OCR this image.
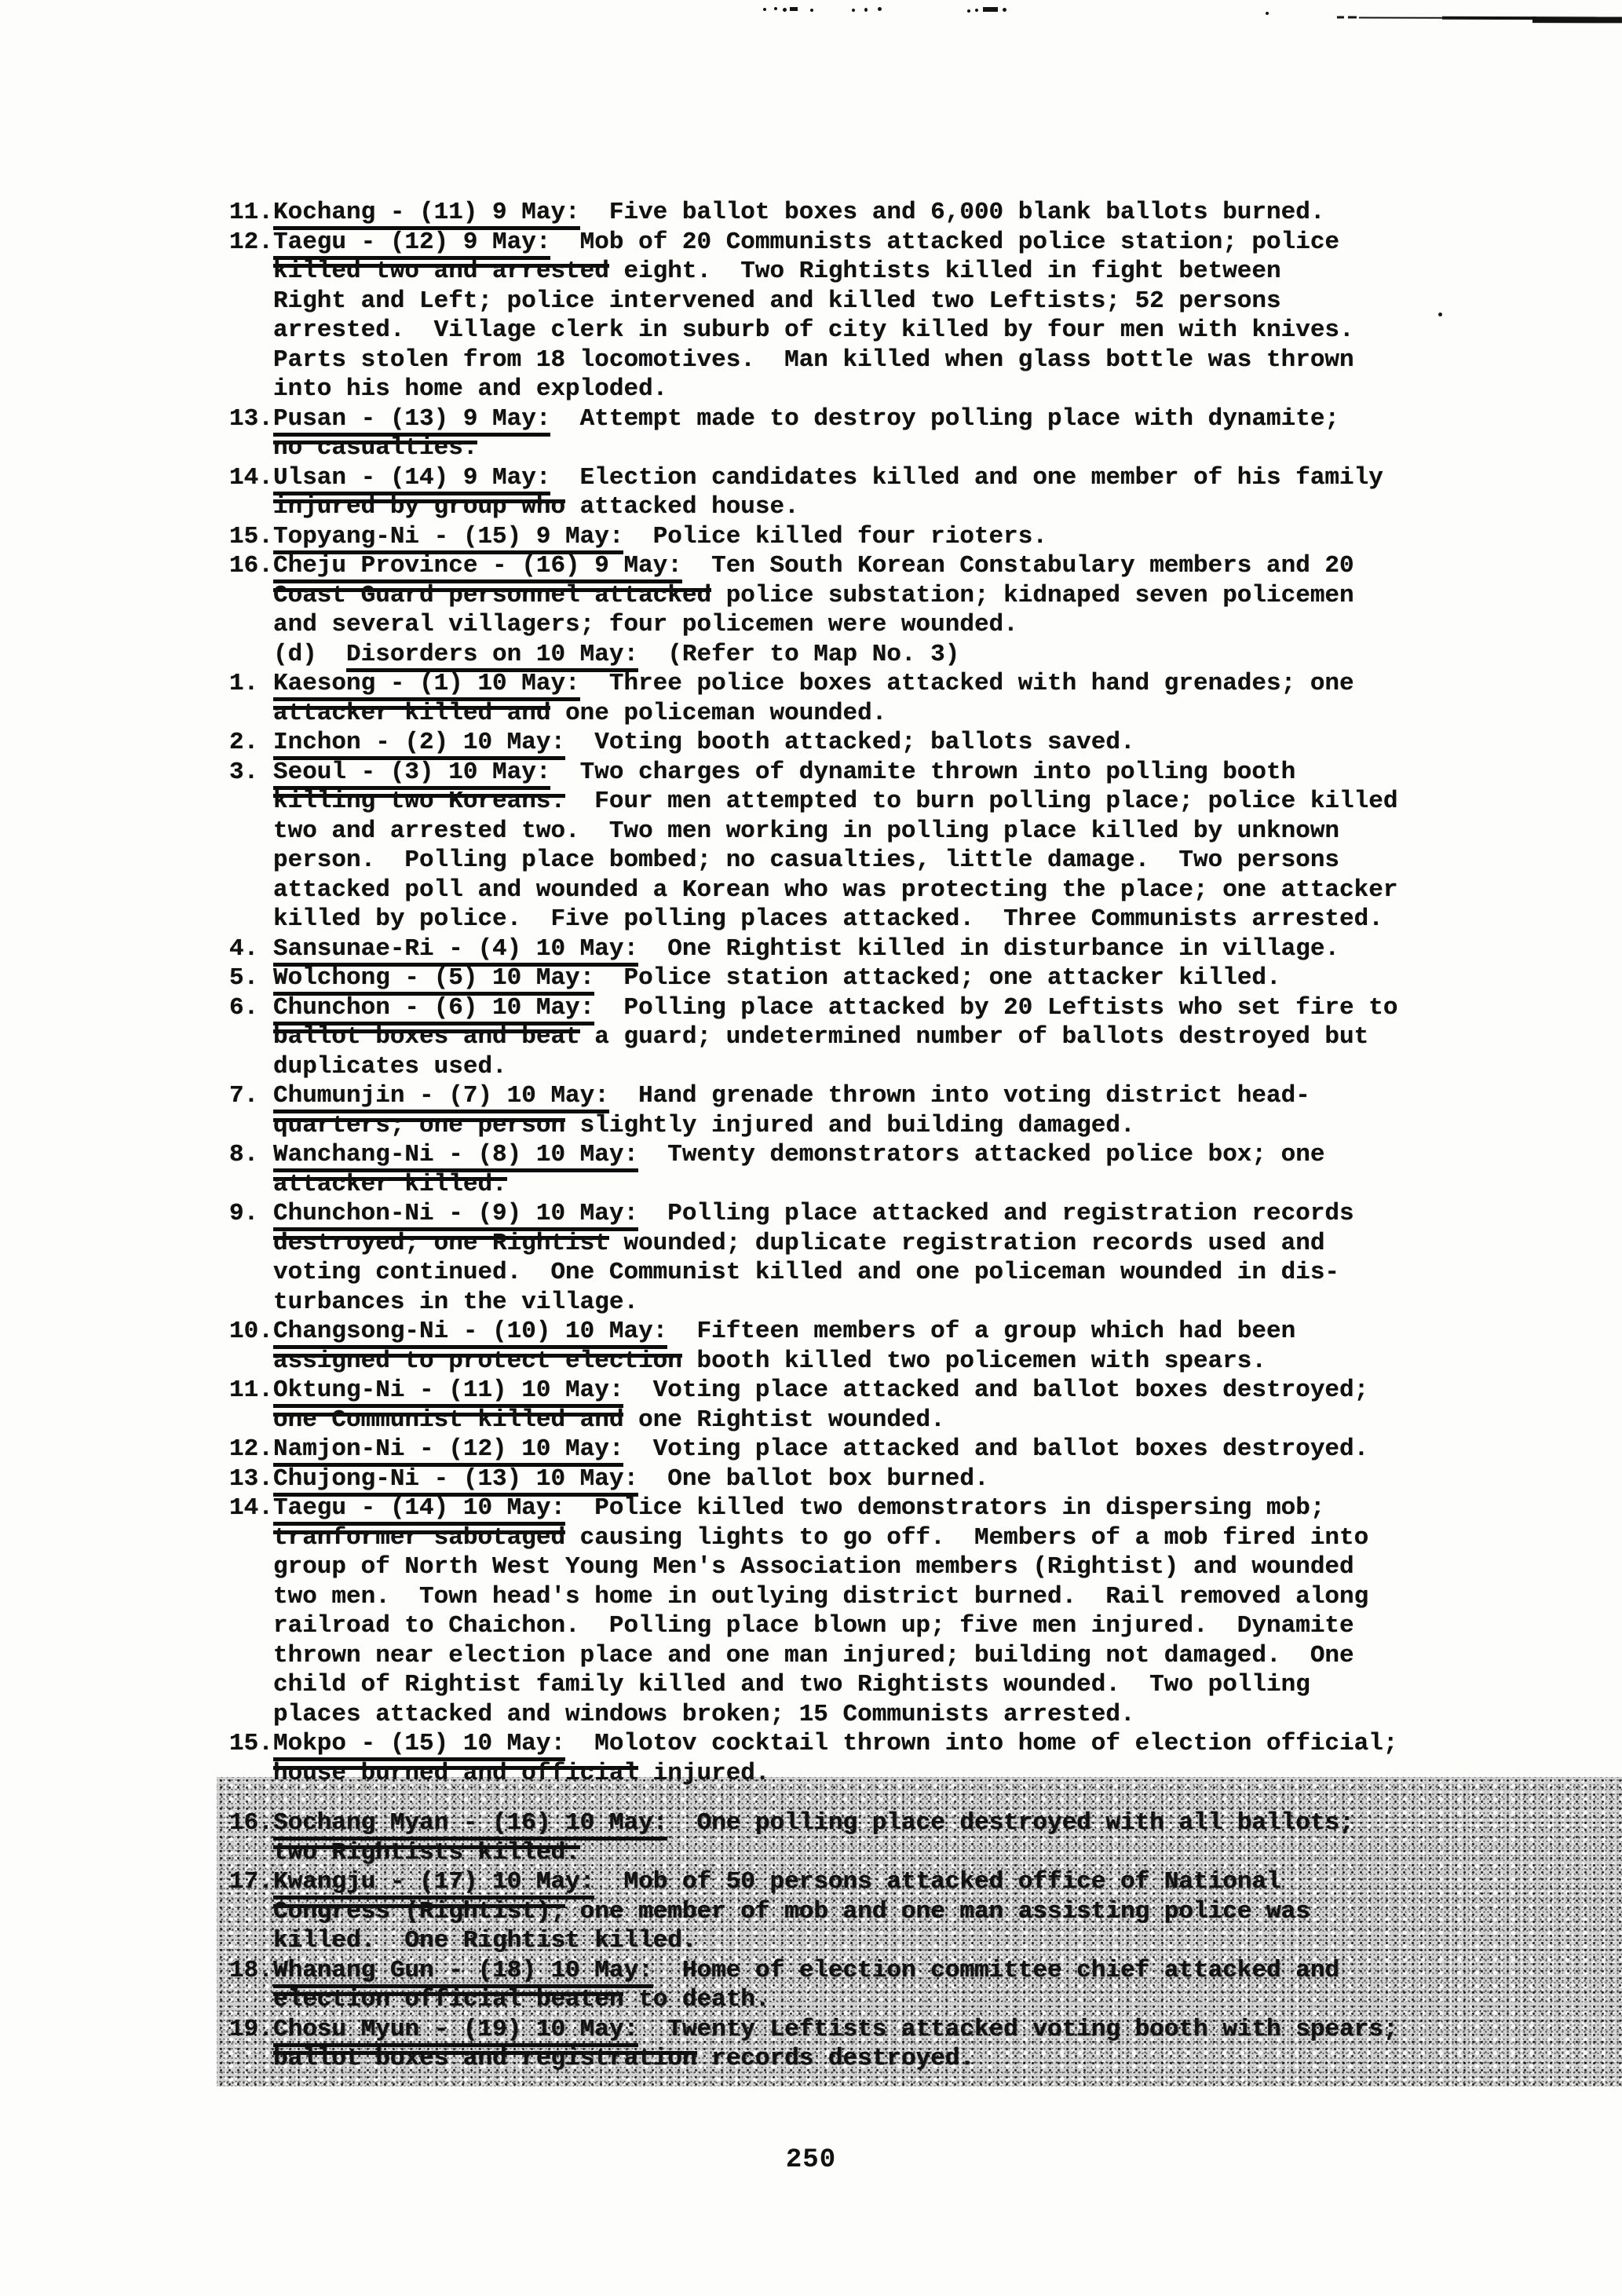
11. Kochang - (11) 9 May:  Five ballot boxes and 6,000 blank ballots burned.
12. Taegu - (12) 9 May:  Mob of 20 Communists attacked police station; police
killed two and arrested eight.  Two Rightists killed in fight between
Right and Left; police intervened and killed two Leftists; 52 persons
arrested.  Village clerk in suburb of city killed by four men with knives.
Parts stolen from 18 locomotives.  Man killed when glass bottle was thrown
into his home and exploded.
13. Pusan - (13) 9 May:  Attempt made to destroy polling place with dynamite;
no casualties.
14. Ulsan - (14) 9 May:  Election candidates killed and one member of his family
injured by group who attacked house.
15. Topyang-Ni - (15) 9 May:  Police killed four rioters.
16. Cheju Province - (16) 9 May:  Ten South Korean Constabulary members and 20
Coast Guard personnel attacked police substation; kidnaped seven policemen
and several villagers; four policemen were wounded.
(d)  Disorders on 10 May:  (Refer to Map No. 3)
1. Kaesong - (1) 10 May:  Three police boxes attacked with hand grenades; one
attacker killed and one policeman wounded.
2. Inchon - (2) 10 May:  Voting booth attacked; ballots saved.
3. Seoul - (3) 10 May:  Two charges of dynamite thrown into polling booth
killing two Koreans.  Four men attempted to burn polling place; police killed
two and arrested two.  Two men working in polling place killed by unknown
person.  Polling place bombed; no casualties, little damage.  Two persons
attacked poll and wounded a Korean who was protecting the place; one attacker
killed by police.  Five polling places attacked.  Three Communists arrested.
4. Sansunae-Ri - (4) 10 May:  One Rightist killed in disturbance in village.
5. Wolchong - (5) 10 May:  Police station attacked; one attacker killed.
6. Chunchon - (6) 10 May:  Polling place attacked by 20 Leftists who set fire to
ballot boxes and beat a guard; undetermined number of ballots destroyed but
duplicates used.
7. Chumunjin - (7) 10 May:  Hand grenade thrown into voting district head-
quarters; one person slightly injured and building damaged.
8. Wanchang-Ni - (8) 10 May:  Twenty demonstrators attacked police box; one
attacker killed.
9. Chunchon-Ni - (9) 10 May:  Polling place attacked and registration records
destroyed; one Rightist wounded; duplicate registration records used and
voting continued.  One Communist killed and one policeman wounded in dis-
turbances in the village.
10. Changsong-Ni - (10) 10 May:  Fifteen members of a group which had been
assigned to protect election booth killed two policemen with spears.
11. Oktung-Ni - (11) 10 May:  Voting place attacked and ballot boxes destroyed;
one Communist killed and one Rightist wounded.
12. Namjon-Ni - (12) 10 May:  Voting place attacked and ballot boxes destroyed.
13. Chujong-Ni - (13) 10 May:  One ballot box burned.
14. Taegu - (14) 10 May:  Police killed two demonstrators in dispersing mob;
tranformer sabotaged causing lights to go off.  Members of a mob fired into
group of North West Young Men's Association members (Rightist) and wounded
two men.  Town head's home in outlying district burned.  Rail removed along
railroad to Chaichon.  Polling place blown up; five men injured.  Dynamite
thrown near election place and one man injured; building not damaged.  One
child of Rightist family killed and two Rightists wounded.  Two polling
places attacked and windows broken; 15 Communists arrested.
15. Mokpo - (15) 10 May:  Molotov cocktail thrown into home of election official;
house burned and official injured.
16. Sochang Myan - (16) 10 May:  One polling place destroyed with all ballots;
two Rightists killed.
17. Kwangju - (17) 10 May:  Mob of 50 persons attacked office of National
Congress (Rightist); one member of mob and one man assisting police was
killed.  One Rightist killed.
18. Whanang Gun - (18) 10 May:  Home of election committee chief attacked and
election official beaten to death.
19. Chosu Myun - (19) 10 May:  Twenty Leftists attacked voting booth with spears;
ballot boxes and registration records destroyed.
250
